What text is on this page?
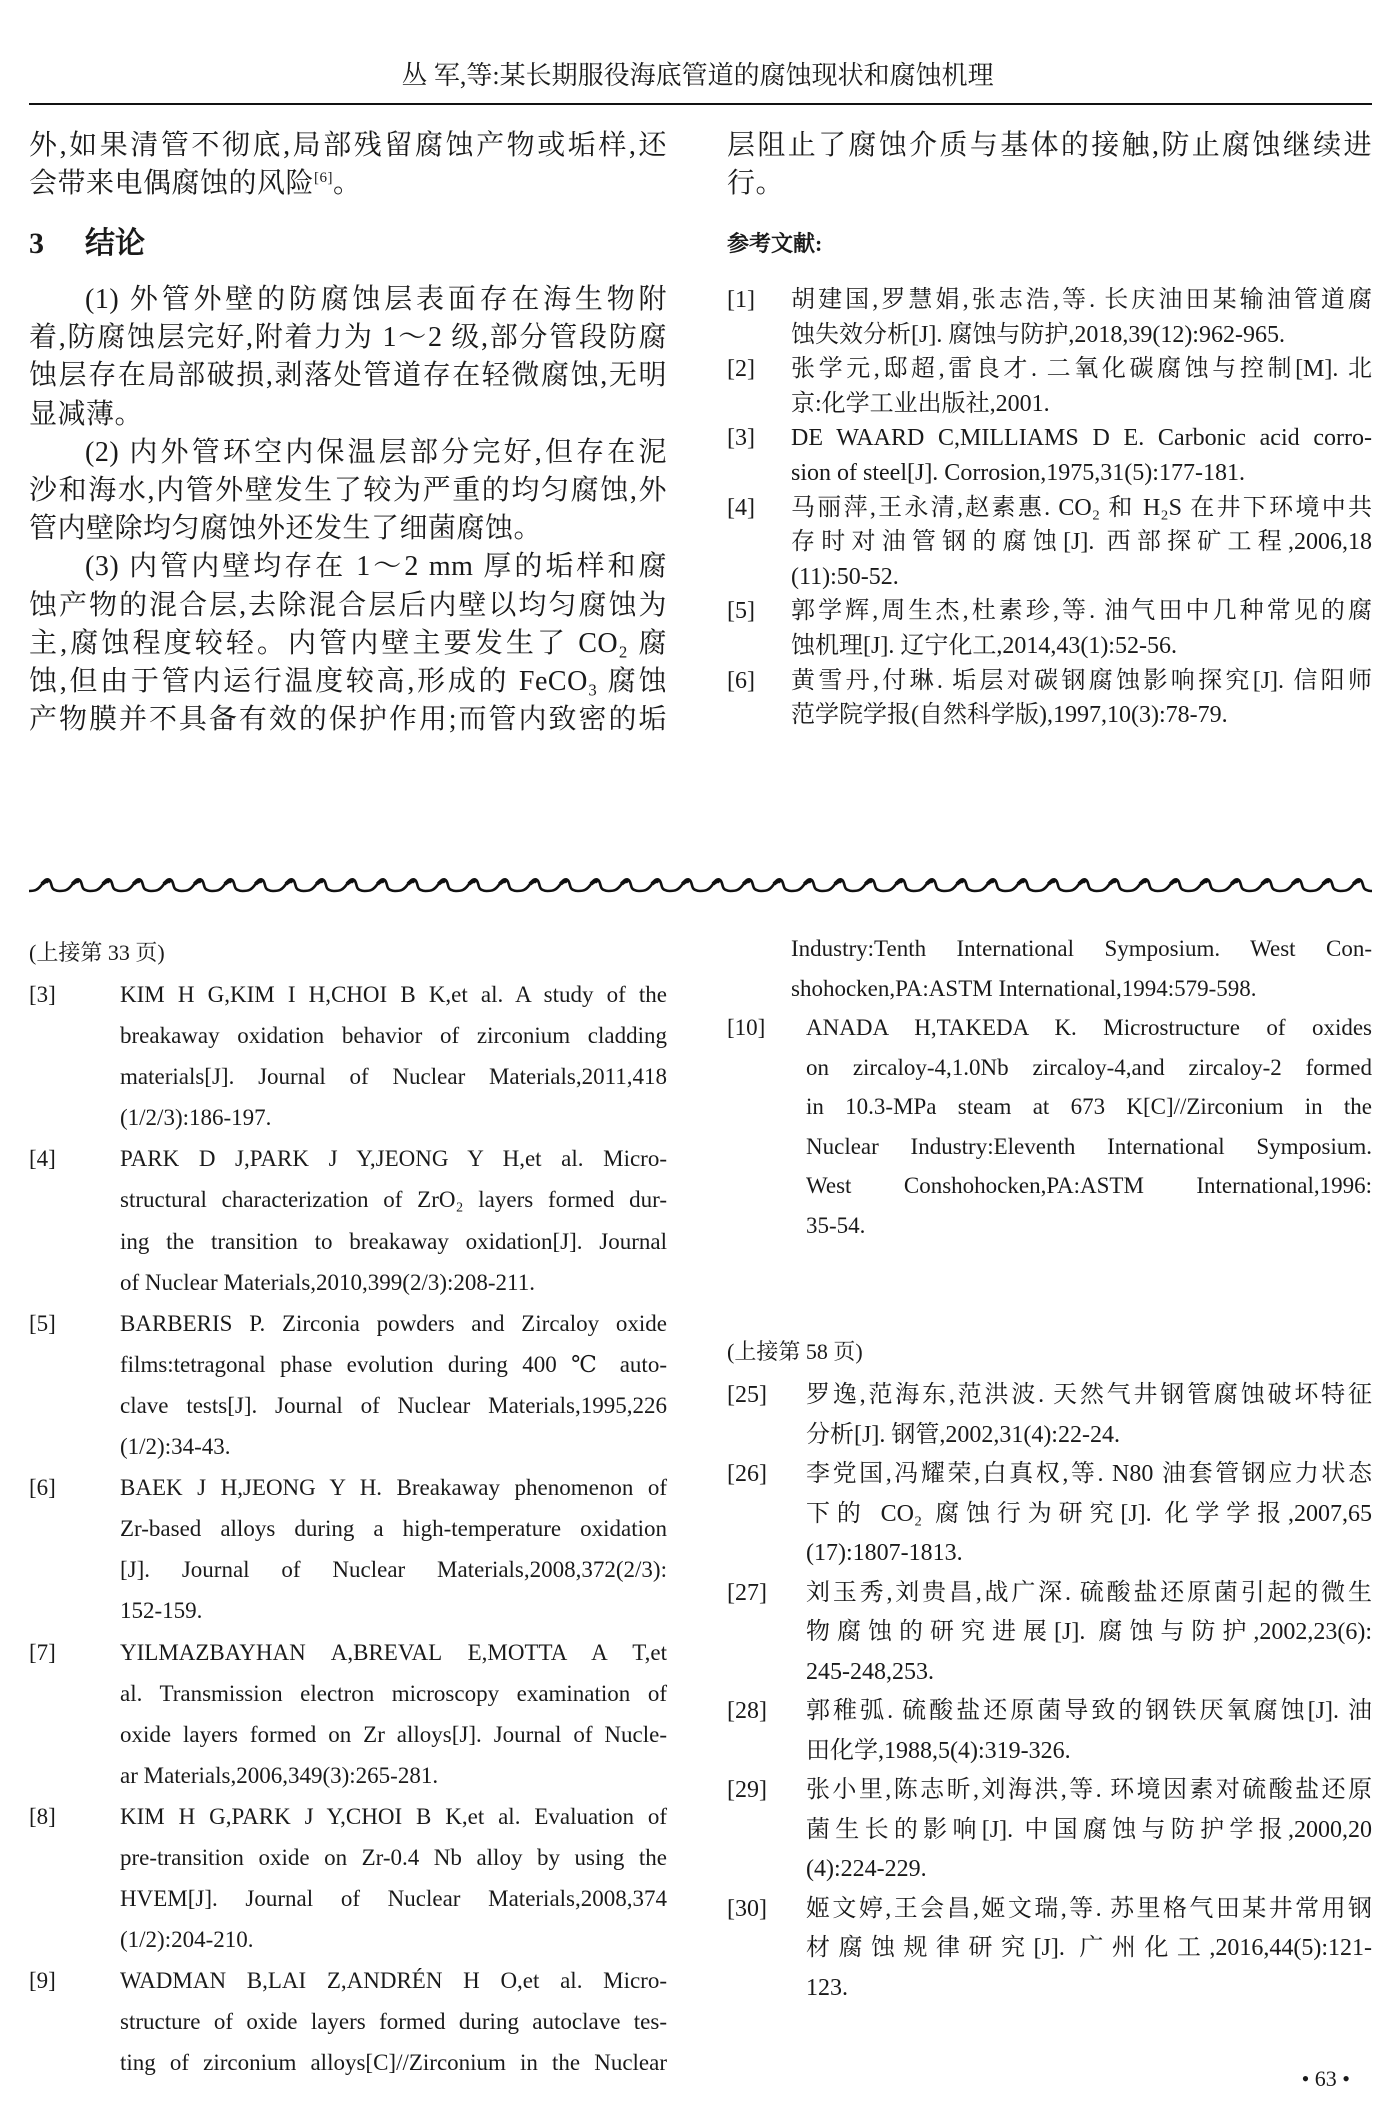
丛 军,等:某长期服役海底管道的腐蚀现状和腐蚀机理
外,如果清管不彻底,局部残留腐蚀产物或垢样,还
会带来电偶腐蚀的风险[6]。
3 结论
(1) 外管外壁的防腐蚀层表面存在海生物附
着,防腐蚀层完好,附着力为 1～2 级,部分管段防腐
蚀层存在局部破损,剥落处管道存在轻微腐蚀,无明
显减薄。
(2) 内外管环空内保温层部分完好,但存在泥
沙和海水,内管外壁发生了较为严重的均匀腐蚀,外
管内壁除均匀腐蚀外还发生了细菌腐蚀。
(3) 内管内壁均存在 1～2 mm 厚的垢样和腐
蚀产物的混合层,去除混合层后内壁以均匀腐蚀为
主,腐蚀程度较轻。内管内壁主要发生了 CO₂ 腐
蚀,但由于管内运行温度较高,形成的 FeCO₃ 腐蚀
产物膜并不具备有效的保护作用;而管内致密的垢
层阻止了腐蚀介质与基体的接触,防止腐蚀继续进
行。
参考文献:
[1]	胡建国,罗慧娟,张志浩,等. 长庆油田某输油管道腐
蚀失效分析[J]. 腐蚀与防护,2018,39(12):962-965.
[2]	张学元,邸超,雷良才. 二氧化碳腐蚀与控制[M]. 北
京:化学工业出版社,2001.
[3]	DE WAARD C,MILLIAMS D E. Carbonic acid corro-
sion of steel[J]. Corrosion,1975,31(5):177-181.
[4]	马丽萍,王永清,赵素惠. CO₂ 和 H₂S 在井下环境中共
存时对油管钢的腐蚀[J]. 西部探矿工程,2006,18
(11):50-52.
[5]	郭学辉,周生杰,杜素珍,等. 油气田中几种常见的腐
蚀机理[J]. 辽宁化工,2014,43(1):52-56.
[6]	黄雪丹,付琳. 垢层对碳钢腐蚀影响探究[J]. 信阳师
范学院学报(自然科学版),1997,10(3):78-79.
(上接第 33 页)
[3]	KIM H G,KIM I H,CHOI B K,et al. A study of the
breakaway oxidation behavior of zirconium cladding
materials[J]. Journal of Nuclear Materials,2011,418
(1/2/3):186-197.
[4]	PARK D J,PARK J Y,JEONG Y H,et al. Micro-
structural characterization of ZrO₂ layers formed dur-
ing the transition to breakaway oxidation[J]. Journal
of Nuclear Materials,2010,399(2/3):208-211.
[5]	BARBERIS P. Zirconia powders and Zircaloy oxide
films:tetragonal phase evolution during 400 ℃ auto-
clave tests[J]. Journal of Nuclear Materials,1995,226
(1/2):34-43.
[6]	BAEK J H,JEONG Y H. Breakaway phenomenon of
Zr-based alloys during a high-temperature oxidation
[J]. Journal of Nuclear Materials,2008,372(2/3):
152-159.
[7]	YILMAZBAYHAN A,BREVAL E,MOTTA A T,et
al. Transmission electron microscopy examination of
oxide layers formed on Zr alloys[J]. Journal of Nucle-
ar Materials,2006,349(3):265-281.
[8]	KIM H G,PARK J Y,CHOI B K,et al. Evaluation of
pre-transition oxide on Zr-0.4 Nb alloy by using the
HVEM[J]. Journal of Nuclear Materials,2008,374
(1/2):204-210.
[9]	WADMAN B,LAI Z,ANDRÉN H O,et al. Micro-
structure of oxide layers formed during autoclave tes-
ting of zirconium alloys[C]//Zirconium in the Nuclear
Industry:Tenth International Symposium. West Con-
shohocken,PA:ASTM International,1994:579-598.
[10]	ANADA H,TAKEDA K. Microstructure of oxides
on zircaloy-4,1.0Nb zircaloy-4,and zircaloy-2 formed
in 10.3-MPa steam at 673 K[C]//Zirconium in the
Nuclear Industry:Eleventh International Symposium.
West Conshohocken,PA:ASTM International,1996:
35-54.
(上接第 58 页)
[25]	罗逸,范海东,范洪波. 天然气井钢管腐蚀破坏特征
分析[J]. 钢管,2002,31(4):22-24.
[26]	李党国,冯耀荣,白真权,等. N80 油套管钢应力状态
下的 CO₂ 腐蚀行为研究[J]. 化学学报,2007,65
(17):1807-1813.
[27]	刘玉秀,刘贵昌,战广深. 硫酸盐还原菌引起的微生
物腐蚀的研究进展[J]. 腐蚀与防护,2002,23(6):
245-248,253.
[28]	郭稚弧. 硫酸盐还原菌导致的钢铁厌氧腐蚀[J]. 油
田化学,1988,5(4):319-326.
[29]	张小里,陈志昕,刘海洪,等. 环境因素对硫酸盐还原
菌生长的影响[J]. 中国腐蚀与防护学报,2000,20
(4):224-229.
[30]	姬文婷,王会昌,姬文瑞,等. 苏里格气田某井常用钢
材腐蚀规律研究[J]. 广州化工,2016,44(5):121-
123.
• 63 •
